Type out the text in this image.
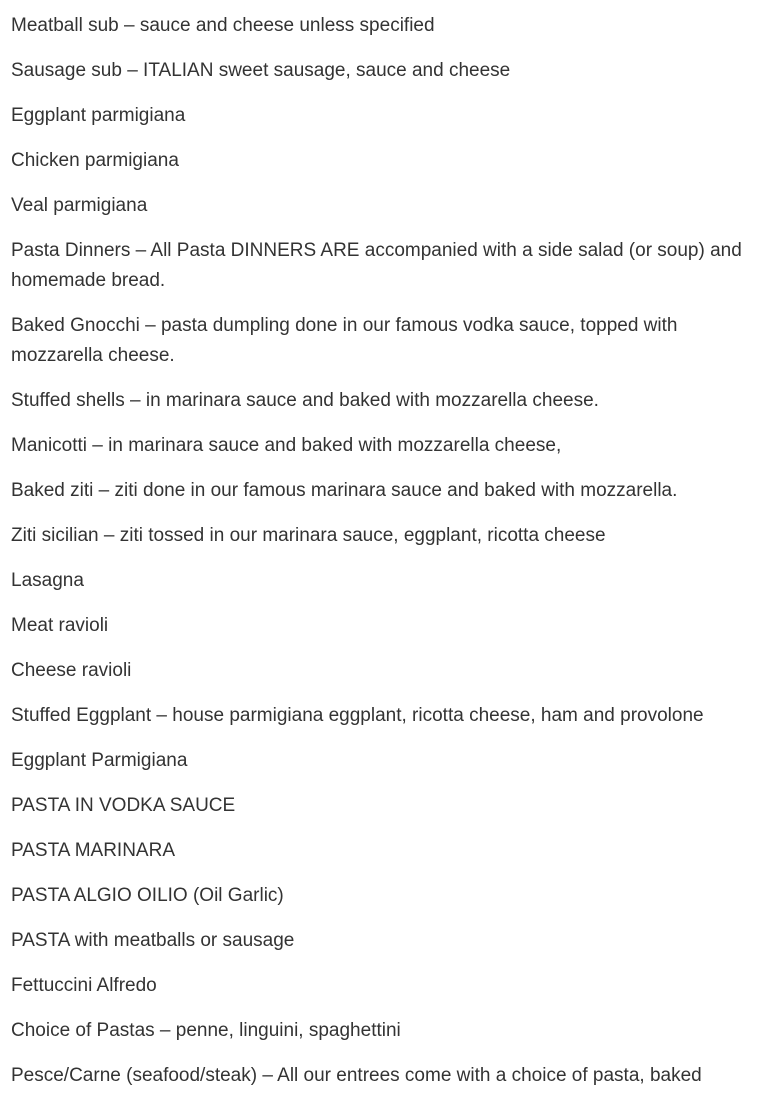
Meatball sub – sauce and cheese unless specified

Sausage sub – ITALIAN sweet sausage, sauce and cheese

Eggplant parmigiana

Chicken parmigiana

Veal parmigiana

Pasta Dinners – All Pasta DINNERS ARE accompanied with a side salad (or soup) and homemade bread.

Baked Gnocchi – pasta dumpling done in our famous vodka sauce, topped with mozzarella cheese.

Stuffed shells – in marinara sauce and baked with mozzarella cheese.

Manicotti – in marinara sauce and baked with mozzarella cheese,

Baked ziti – ziti done in our famous marinara sauce and baked with mozzarella.

Ziti sicilian – ziti tossed in our marinara sauce, eggplant, ricotta cheese

Lasagna

Meat ravioli

Cheese ravioli

Stuffed Eggplant – house parmigiana eggplant, ricotta cheese, ham and provolone

Eggplant Parmigiana

PASTA IN VODKA SAUCE

PASTA MARINARA

PASTA ALGIO OILIO (Oil Garlic)

PASTA with meatballs or sausage

Fettuccini Alfredo

Choice of Pastas – penne, linguini, spaghettini

Pesce/Carne (seafood/steak) – All our entrees come with a choice of pasta, baked
